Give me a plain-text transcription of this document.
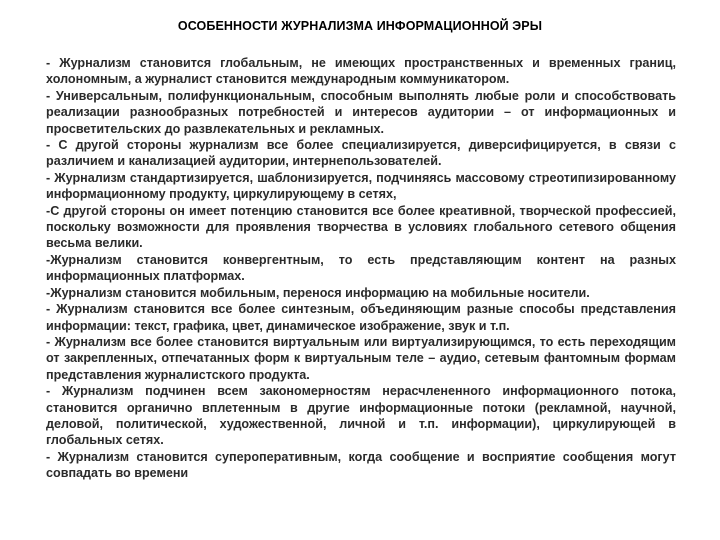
ОСОБЕННОСТИ ЖУРНАЛИЗМА ИНФОРМАЦИОННОЙ ЭРЫ

- Журнализм становится глобальным, не имеющих пространственных и временных границ, холономным, а журналист становится международным коммуникатором.

- Универсальным, полифункциональным, способным выполнять любые роли и способствовать реализации разнообразных потребностей и интересов аудитории – от информационных и просветительских до развлекательных и рекламных.

- С другой стороны журнализм все более специализируется, диверсифицируется, в связи с различием и канализацией аудитории, интернепользователей.

- Журнализм стандартизируется, шаблонизируется, подчиняясь массовому стреотипизированному информационному продукту, циркулирующему в сетях,

-С другой стороны он имеет потенцию становится все более креативной, творческой профессией, поскольку возможности для проявления творчества в условиях глобального сетевого общения весьма велики.

-Журнализм становится конвергентным, то есть представляющим контент на разных информационных платформах.

-Журнализм становится мобильным, перенося информацию на мобильные носители.

- Журнализм становится все более синтезным, объединяющим разные способы представления информации: текст, графика, цвет, динамическое изображение, звук и т.п.

- Журнализм все более становится виртуальным или виртуализирующимся, то есть переходящим от закрепленных, отпечатанных форм к виртуальным теле – аудио, сетевым фантомным формам представления журналистского продукта.

- Журнализм подчинен всем закономерностям нерасчлененного информационного потока, становится органично вплетенным в другие информационные потоки (рекламной, научной, деловой, политической, художественной, личной и т.п. информации), циркулирующей в глобальных сетях.

- Журнализм становится супероперативным, когда сообщение и восприятие сообщения могут совпадать во времени
